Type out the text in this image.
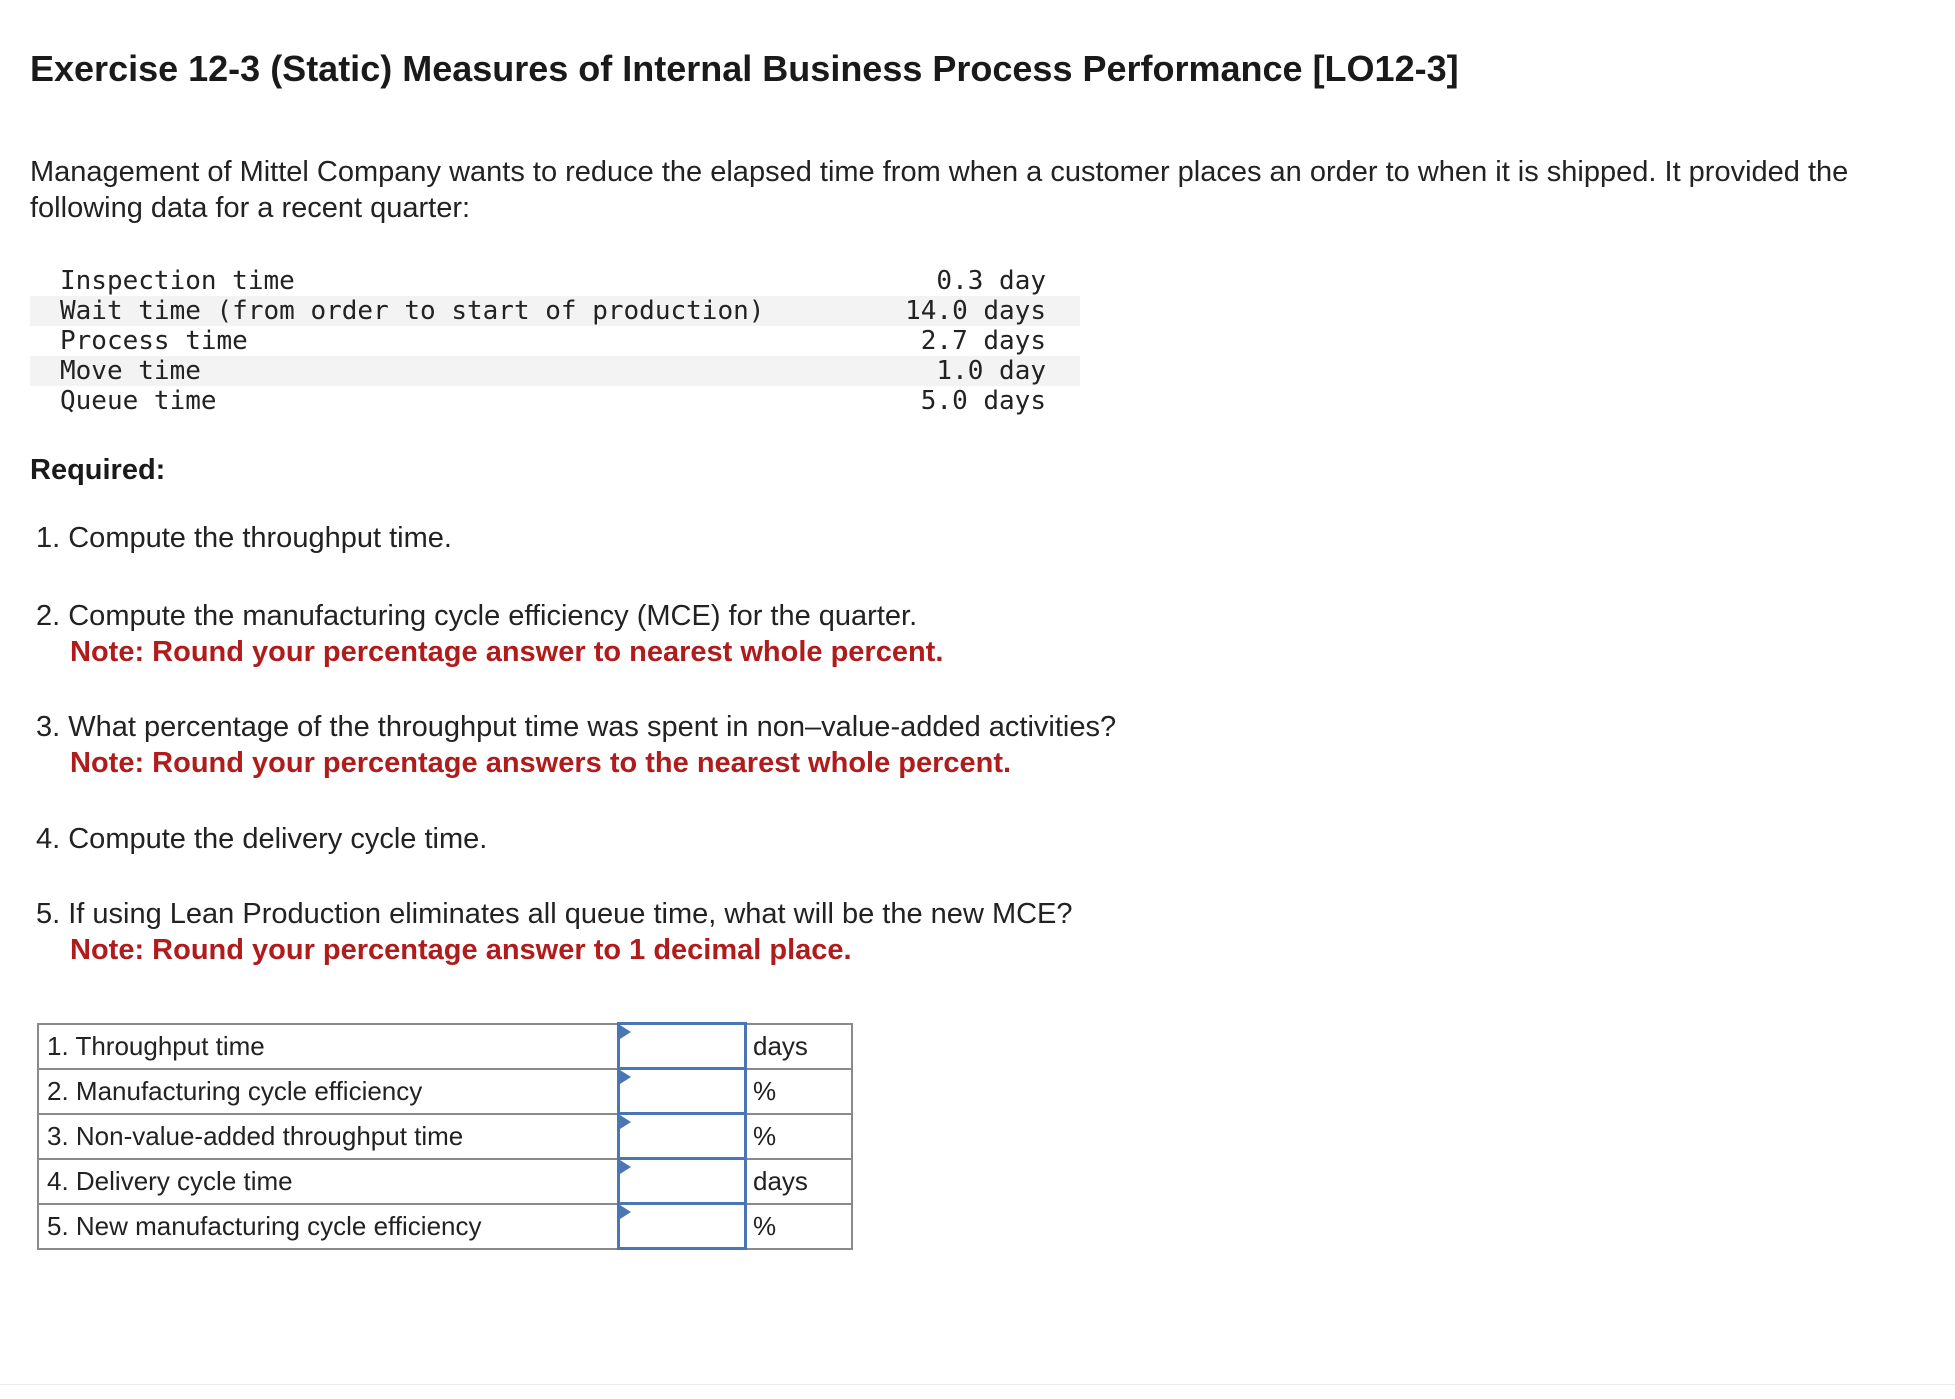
Exercise 12-3 (Static) Measures of Internal Business Process Performance [LO12-3]

Management of Mittel Company wants to reduce the elapsed time from when a customer places an order to when it is shipped. It provided the following data for a recent quarter:

Inspection time	0.3 day
Wait time (from order to start of production)	14.0 days
Process time	2.7 days
Move time	1.0 day
Queue time	5.0 days

Required:

1. Compute the throughput time.

2. Compute the manufacturing cycle efficiency (MCE) for the quarter.
Note: Round your percentage answer to nearest whole percent.

3. What percentage of the throughput time was spent in non–value-added activities?
Note: Round your percentage answers to the nearest whole percent.

4. Compute the delivery cycle time.

5. If using Lean Production eliminates all queue time, what will be the new MCE?
Note: Round your percentage answer to 1 decimal place.

1. Throughput time		days
2. Manufacturing cycle efficiency		%
3. Non-value-added throughput time		%
4. Delivery cycle time		days
5. New manufacturing cycle efficiency		%
